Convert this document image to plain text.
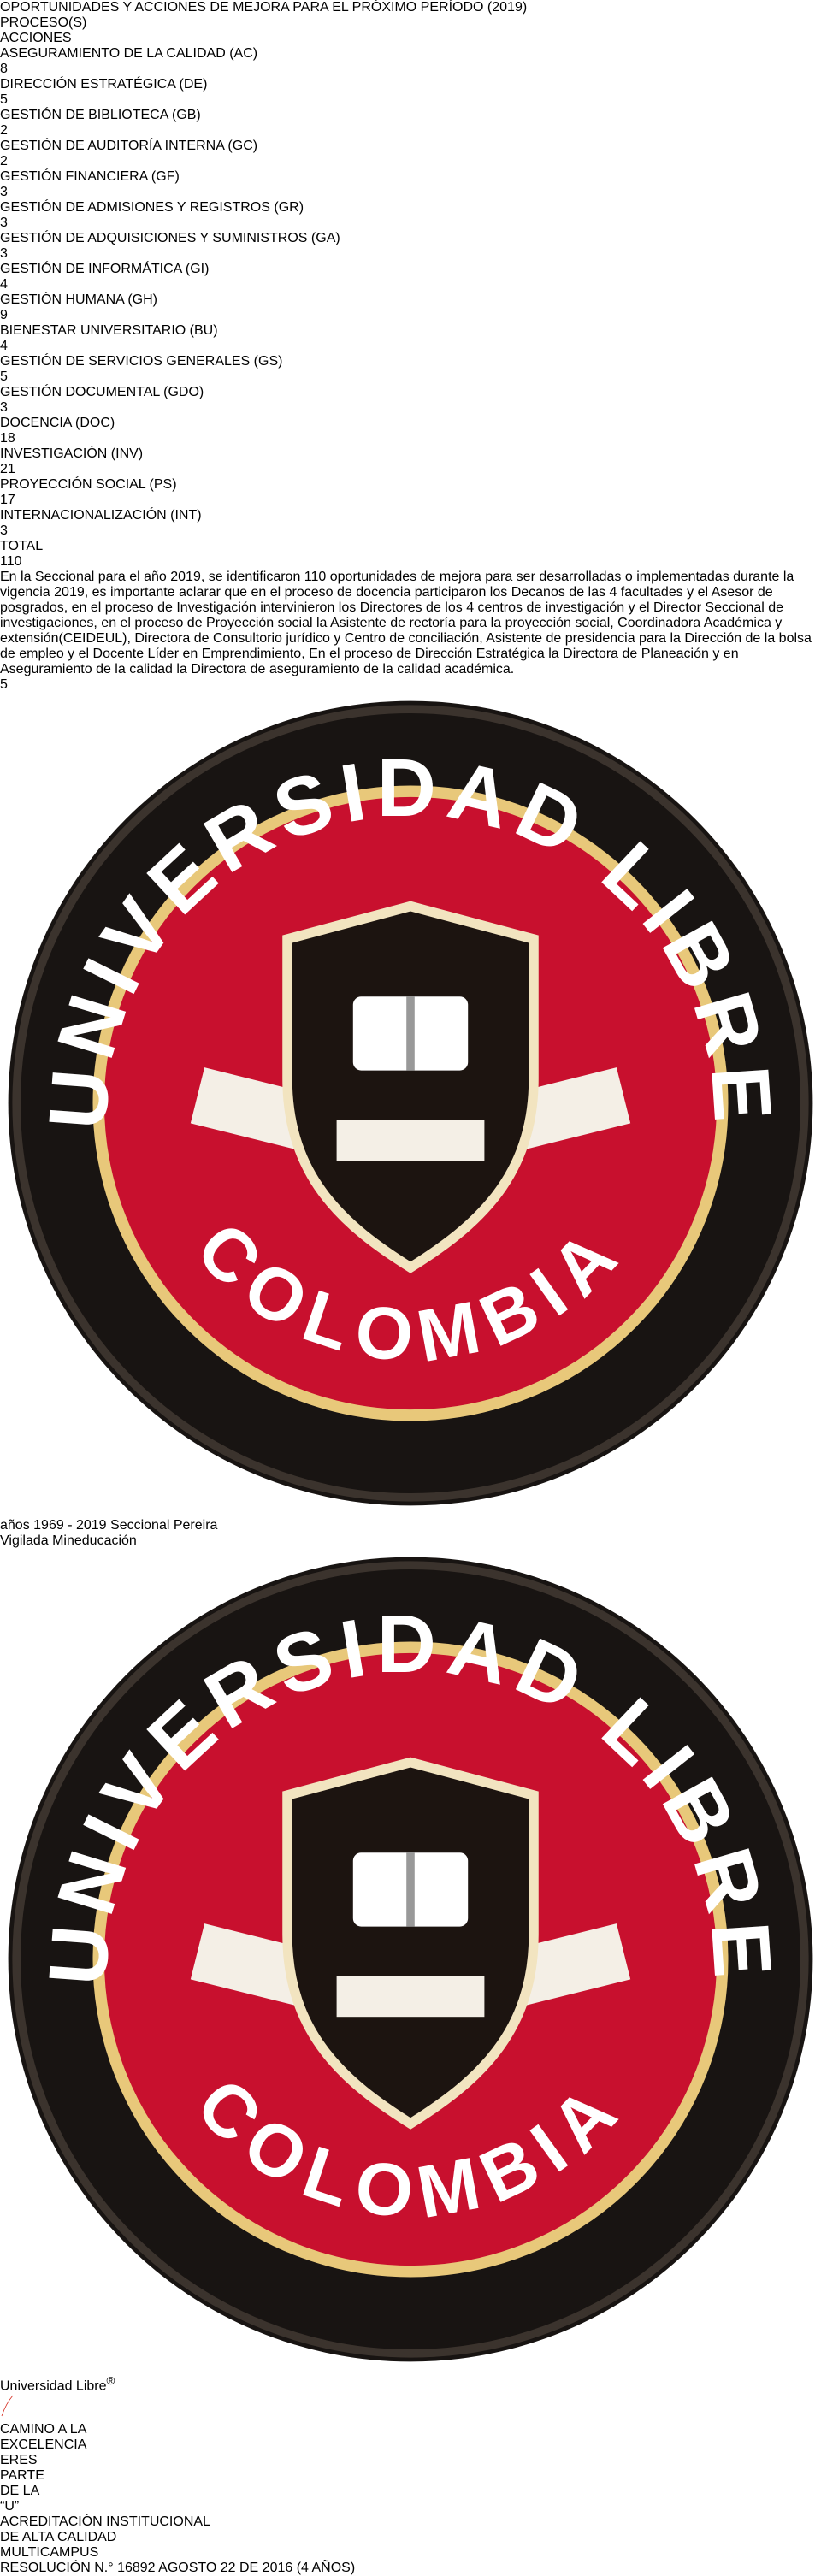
OPORTUNIDADES Y ACCIONES DE MEJORA PARA EL PRÓXIMO PERÍODO (2019)
PROCESO(S)
ACCIONES
ASEGURAMIENTO DE LA CALIDAD (AC)
8
DIRECCIÓN ESTRATÉGICA (DE)
5
GESTIÓN DE BIBLIOTECA (GB)
2
GESTIÓN DE AUDITORÍA INTERNA (GC)
2
GESTIÓN FINANCIERA (GF)
3
GESTIÓN DE ADMISIONES Y REGISTROS (GR)
3
GESTIÓN DE ADQUISICIONES Y SUMINISTROS (GA)
3
GESTIÓN DE INFORMÁTICA (GI)
4
GESTIÓN HUMANA (GH)
9
BIENESTAR UNIVERSITARIO (BU)
4
GESTIÓN DE SERVICIOS GENERALES (GS)
5
GESTIÓN DOCUMENTAL (GDO)
3
DOCENCIA (DOC)
18
INVESTIGACIÓN (INV)
21
PROYECCIÓN SOCIAL (PS)
17
INTERNACIONALIZACIÓN (INT)
3
TOTAL
110
En la Seccional para el año 2019, se identificaron 110 oportunidades de mejora para ser desarrolladas o implementadas durante la vigencia 2019, es importante aclarar que en el proceso de docencia participaron los Decanos de las 4 facultades y el Asesor de posgrados, en el proceso de Investigación intervinieron los Directores de los 4 centros de investigación y el Director Seccional de investigaciones, en el proceso de Proyección social la Asistente de rectoría para la proyección social, Coordinadora Académica y extensión(CEIDEUL), Directora de Consultorio jurídico y Centro de conciliación, Asistente de presidencia para la Dirección de la bolsa de empleo y el Docente Líder en Emprendimiento, En el proceso de Dirección Estratégica la Directora de Planeación y en Aseguramiento de la calidad la Directora de aseguramiento de la calidad académica.
5  años 1969 - 2019 Seccional Pereira
Vigilada Mineducación
Universidad Libre®
CAMINO A LA
EXCELENCIA
ERES
PARTE
DE LA
“U”
ACREDITACIÓN INSTITUCIONAL
DE ALTA CALIDAD
MULTICAMPUS
RESOLUCIÓN N.° 16892 AGOSTO 22 DE 2016 (4 AÑOS)
